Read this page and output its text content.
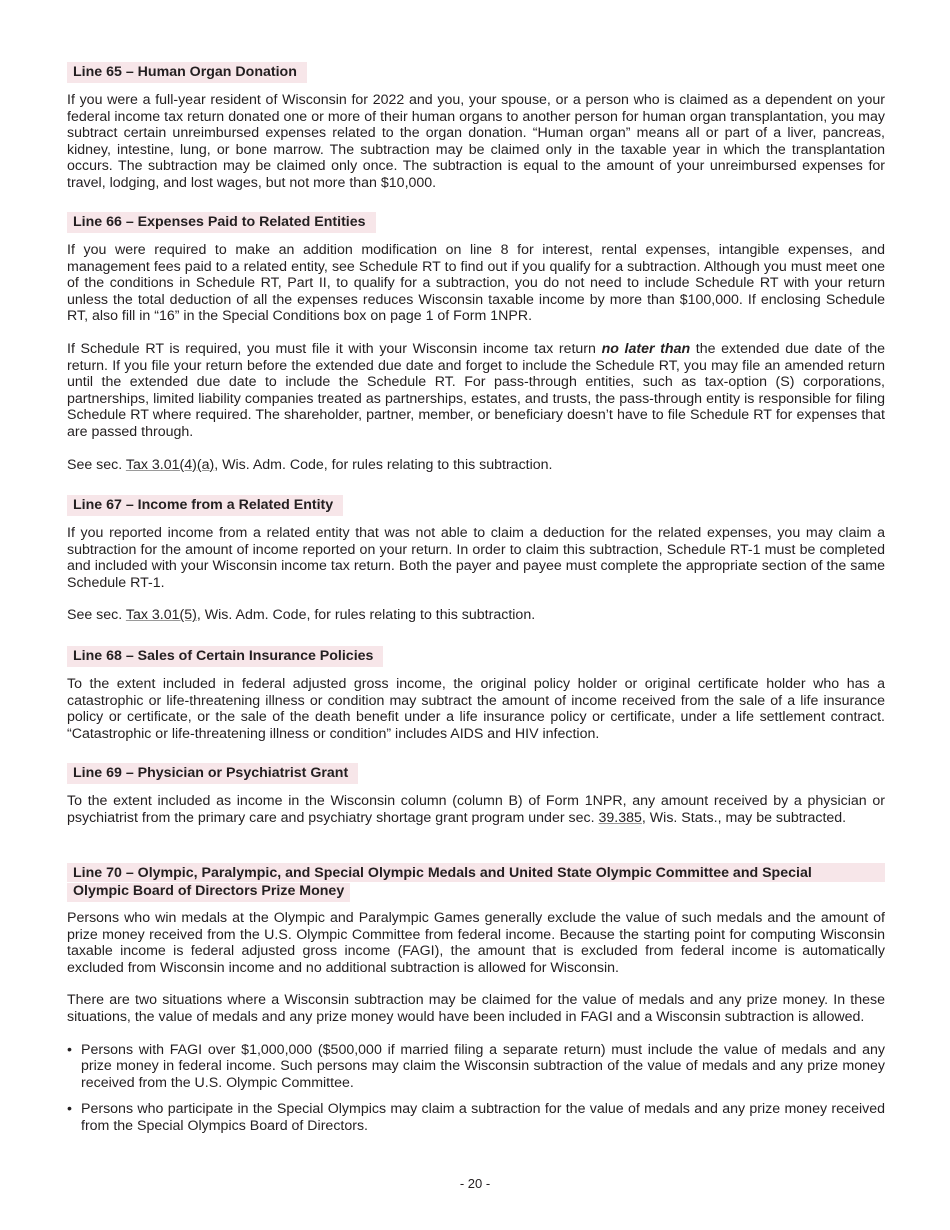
Line 65 – Human Organ Donation

If you were a full-year resident of Wisconsin for 2022 and you, your spouse, or a person who is claimed as a dependent on your federal income tax return donated one or more of their human organs to another person for human organ transplantation, you may subtract certain unreimbursed expenses related to the organ donation. “Human organ” means all or part of a liver, pancreas, kidney, intestine, lung, or bone marrow. The subtraction may be claimed only in the taxable year in which the transplantation occurs. The subtraction may be claimed only once. The subtraction is equal to the amount of your unreimbursed expenses for travel, lodging, and lost wages, but not more than $10,000.

Line 66 – Expenses Paid to Related Entities

If you were required to make an addition modification on line 8 for interest, rental expenses, intangible expenses, and management fees paid to a related entity, see Schedule RT to find out if you qualify for a subtraction. Although you must meet one of the conditions in Schedule RT, Part II, to qualify for a subtraction, you do not need to include Schedule RT with your return unless the total deduction of all the expenses reduces Wisconsin taxable income by more than $100,000. If enclosing Schedule RT, also fill in “16” in the Special Conditions box on page 1 of Form 1NPR.

If Schedule RT is required, you must file it with your Wisconsin income tax return no later than the extended due date of the return. If you file your return before the extended due date and forget to include the Schedule RT, you may file an amended return until the extended due date to include the Schedule RT. For pass-through entities, such as tax-option (S) corporations, partnerships, limited liability companies treated as partnerships, estates, and trusts, the pass-through entity is responsible for filing Schedule RT where required. The shareholder, partner, member, or beneficiary doesn’t have to file Schedule RT for expenses that are passed through.

See sec. Tax 3.01(4)(a), Wis. Adm. Code, for rules relating to this subtraction.

Line 67 – Income from a Related Entity

If you reported income from a related entity that was not able to claim a deduction for the related expenses, you may claim a subtraction for the amount of income reported on your return. In order to claim this subtraction, Schedule RT-1 must be completed and included with your Wisconsin income tax return. Both the payer and payee must complete the appropriate section of the same Schedule RT-1.

See sec. Tax 3.01(5), Wis. Adm. Code, for rules relating to this subtraction.

Line 68 – Sales of Certain Insurance Policies

To the extent included in federal adjusted gross income, the original policy holder or original certificate holder who has a catastrophic or life-threatening illness or condition may subtract the amount of income received from the sale of a life insurance policy or certificate, or the sale of the death benefit under a life insurance policy or certificate, under a life settlement contract. “Catastrophic or life-threatening illness or condition” includes AIDS and HIV infection.

Line 69 – Physician or Psychiatrist Grant

To the extent included as income in the Wisconsin column (column B) of Form 1NPR, any amount received by a physician or psychiatrist from the primary care and psychiatry shortage grant program under sec. 39.385, Wis. Stats., may be subtracted.

Line 70 – Olympic, Paralympic, and Special Olympic Medals and United State Olympic Committee and Special
Olympic Board of Directors Prize Money

Persons who win medals at the Olympic and Paralympic Games generally exclude the value of such medals and the amount of prize money received from the U.S. Olympic Committee from federal income. Because the starting point for computing Wisconsin taxable income is federal adjusted gross income (FAGI), the amount that is excluded from federal income is automatically excluded from Wisconsin income and no additional subtraction is allowed for Wisconsin.

There are two situations where a Wisconsin subtraction may be claimed for the value of medals and any prize money. In these situations, the value of medals and any prize money would have been included in FAGI and a Wisconsin subtraction is allowed.

• Persons with FAGI over $1,000,000 ($500,000 if married filing a separate return) must include the value of medals and any prize money in federal income. Such persons may claim the Wisconsin subtraction of the value of medals and any prize money received from the U.S. Olympic Committee.
• Persons who participate in the Special Olympics may claim a subtraction for the value of medals and any prize money received from the Special Olympics Board of Directors.
- 20 -
